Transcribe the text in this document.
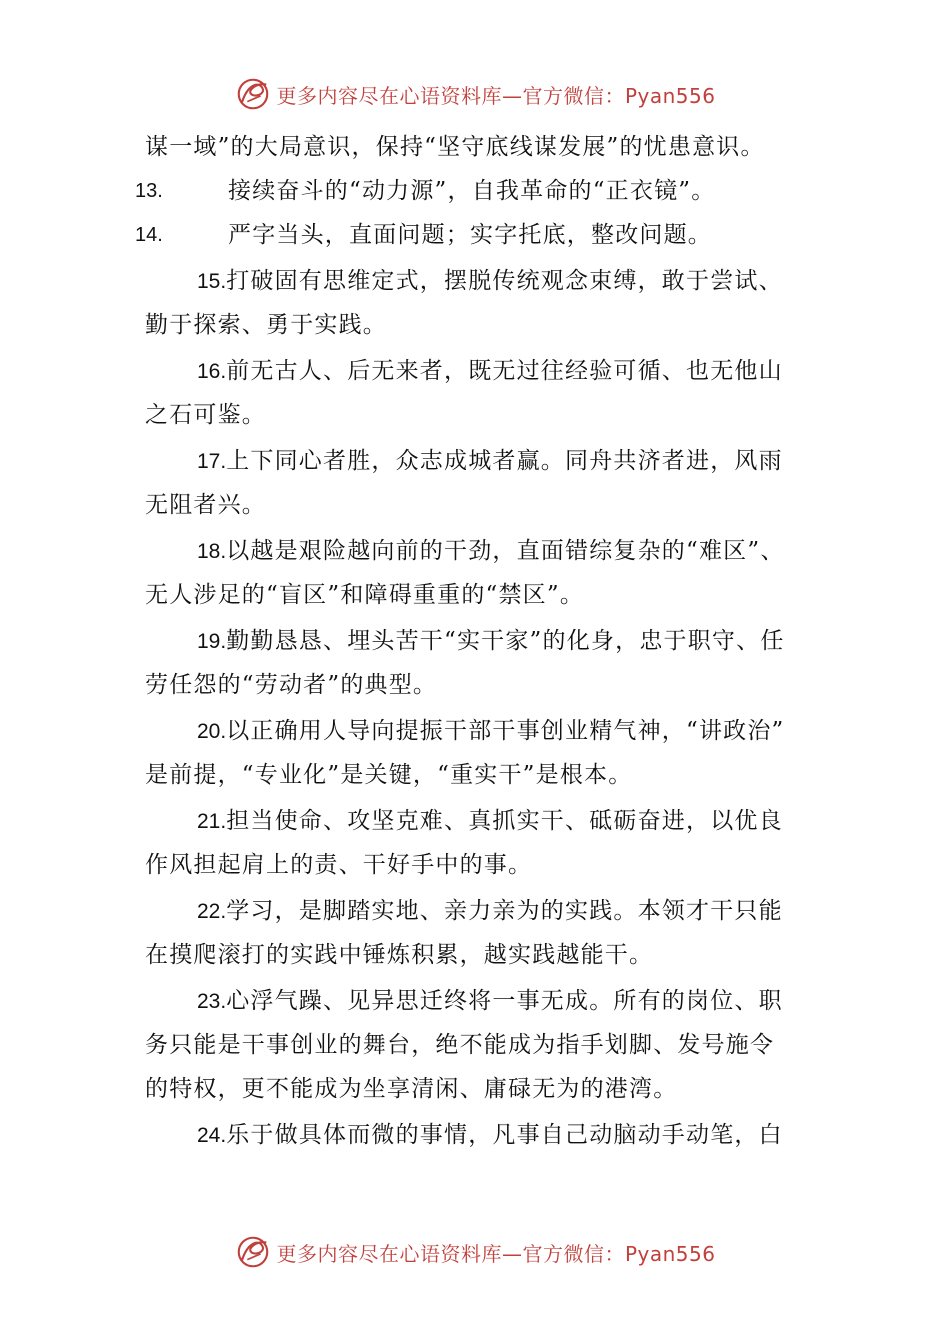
更多内容尽在心语资料库—官方微信：Pyan556
谋一域”的大局意识，保持“坚守底线谋发展”的忧患意识。
13.	接续奋斗的“动力源”，自我革命的“正衣镜”。
14.	严字当头，直面问题；实字托底，整改问题。
15.打破固有思维定式，摆脱传统观念束缚，敢于尝试、
勤于探索、勇于实践。
16.前无古人、后无来者，既无过往经验可循、也无他山
之石可鉴。
17.上下同心者胜，众志成城者赢。同舟共济者进，风雨
无阻者兴。
18.以越是艰险越向前的干劲，直面错综复杂的“难区”、
无人涉足的“盲区”和障碍重重的“禁区”。
19.勤勤恳恳、埋头苦干“实干家”的化身，忠于职守、任
劳任怨的“劳动者”的典型。
20.以正确用人导向提振干部干事创业精气神，“讲政治”
是前提，“专业化”是关键，“重实干”是根本。
21.担当使命、攻坚克难、真抓实干、砥砺奋进，以优良
作风担起肩上的责、干好手中的事。
22.学习，是脚踏实地、亲力亲为的实践。本领才干只能
在摸爬滚打的实践中锤炼积累，越实践越能干。
23.心浮气躁、见异思迁终将一事无成。所有的岗位、职
务只能是干事创业的舞台，绝不能成为指手划脚、发号施令
的特权，更不能成为坐享清闲、庸碌无为的港湾。
24.乐于做具体而微的事情，凡事自己动脑动手动笔，白
更多内容尽在心语资料库—官方微信：Pyan556
